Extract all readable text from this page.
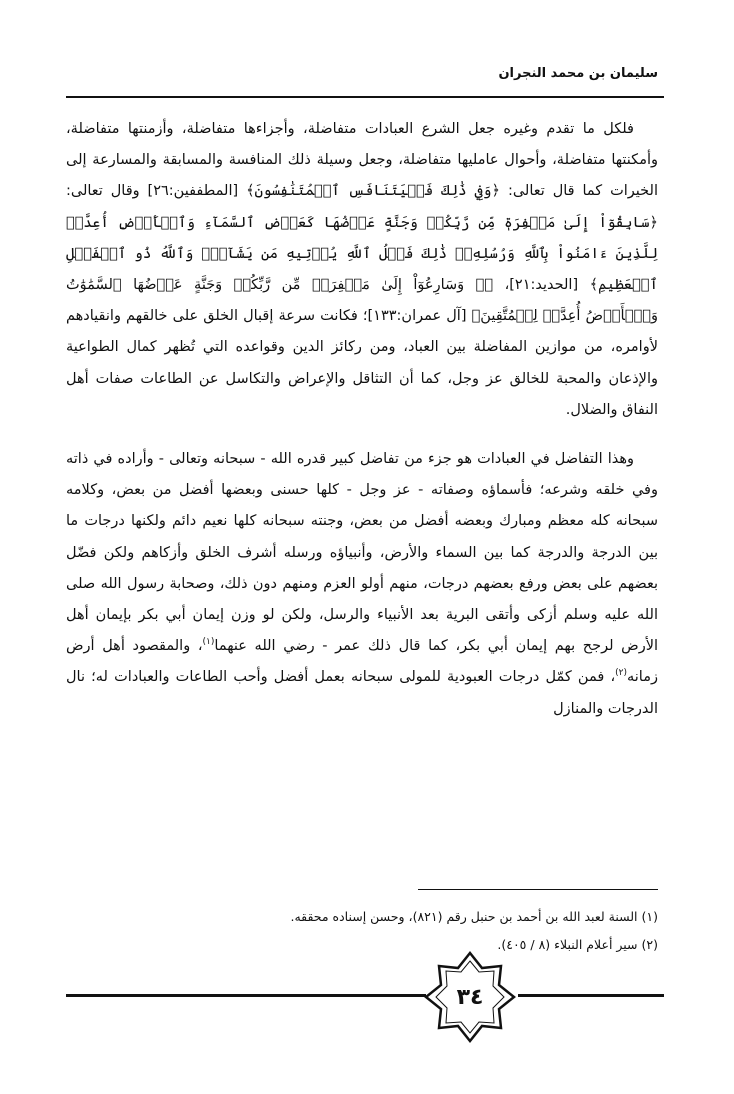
سليمان بن محمد النجران

فلكل ما تقدم وغيره جعل الشرع العبادات متفاضلة، وأجزاءها متفاضلة، وأزمنتها متفاضلة، وأمكنتها متفاضلة، وأحوال عامليها متفاضلة، وجعل وسيلة ذلك المنافسة والمسابقة والمسارعة إلى الخيرات كما قال تعالى: ﴿وَفِي ذَٰلِكَ فَلۡيَتَنَافَسِ ٱلۡمُتَنَٰفِسُونَ﴾ [المطففين:٢٦] وقال تعالى: ﴿سَابِقُوٓاْ إِلَىٰ مَغۡفِرَةٖ مِّن رَّبِّكُمۡ وَجَنَّةٍ عَرۡضُهَا كَعَرۡضِ ٱلسَّمَآءِ وَٱلۡأَرۡضِ أُعِدَّتۡ لِلَّذِينَ ءَامَنُواْ بِٱللَّهِ وَرُسُلِهِۦۚ ذَٰلِكَ فَضۡلُ ٱللَّهِ يُؤۡتِيهِ مَن يَشَآءُۚ وَٱللَّهُ ذُو ٱلۡفَضۡلِ ٱلۡعَظِيمِ﴾ [الحديد:٢١]، ﴿۞ وَسَارِعُوٓاْ إِلَىٰ مَغۡفِرَةٖ مِّن رَّبِّكُمۡ وَجَنَّةٍ عَرۡضُهَا ٱلسَّمَٰوَٰتُ وَٱلۡأَرۡضُ أُعِدَّتۡ لِلۡمُتَّقِينَ﴾ [آل عمران:١٣٣]؛ فكانت سرعة إقبال الخلق على خالقهم وانقيادهم لأوامره، من موازين المفاضلة بين العباد، ومن ركائز الدين وقواعده التي تُظهر كمال الطواعية والإذعان والمحبة للخالق عز وجل، كما أن التثاقل والإعراض والتكاسل عن الطاعات صفات أهل النفاق والضلال.

وهذا التفاضل في العبادات هو جزء من تفاضل كبير قدره الله - سبحانه وتعالى - وأراده في ذاته وفي خلقه وشرعه؛ فأسماؤه وصفاته - عز وجل - كلها حسنى وبعضها أفضل من بعض، وكلامه سبحانه كله معظم ومبارك وبعضه أفضل من بعض، وجنته سبحانه كلها نعيم دائم ولكنها درجات ما بين الدرجة والدرجة كما بين السماء والأرض، وأنبياؤه ورسله أشرف الخلق وأزكاهم ولكن فضّل بعضهم على بعض ورفع بعضهم درجات، منهم أولو العزم ومنهم دون ذلك، وصحابة رسول الله صلى الله عليه وسلم أزكى وأتقى البرية بعد الأنبياء والرسل، ولكن لو وزن إيمان أبي بكر بإيمان أهل الأرض لرجح بهم إيمان أبي بكر، كما قال ذلك عمر - رضي الله عنهما$^{(١)}$، والمقصود أهل أرض زمانه$^{(٢)}$، فمن كمّل درجات العبودية للمولى سبحانه بعمل أفضل وأحب الطاعات والعبادات له؛ نال الدرجات والمنازل

(١) السنة لعبد الله بن أحمد بن حنبل رقم (٨٢١)، وحسن إسناده محققه.
(٢) سير أعلام النبلاء (٨ / ٤٠٥).
٣٤
